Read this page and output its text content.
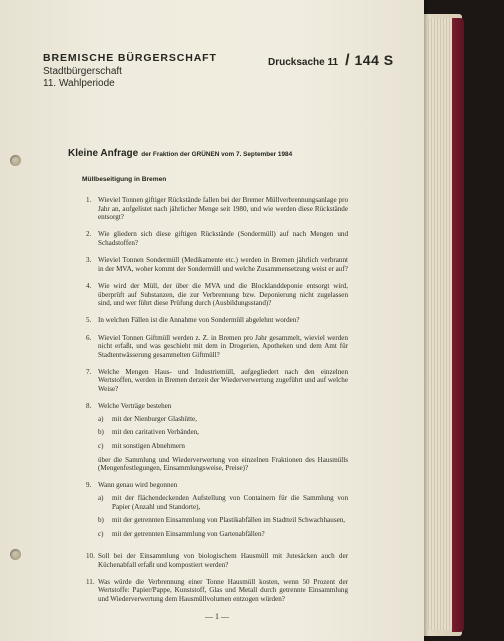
BREMISCHE BÜRGERSCHAFT
Stadtbürgerschaft
11. Wahlperiode
Drucksache 11 / 144 S
Kleine Anfrage der Fraktion der GRÜNEN vom 7. September 1984
Müllbeseitigung in Bremen
1. Wieviel Tonnen giftiger Rückstände fallen bei der Bremer Müllverbrennungsanlage pro Jahr an, aufgelistet nach jährlicher Menge seit 1980, und wie werden diese Rückstände entsorgt?
2. Wie gliedern sich diese giftigen Rückstände (Sondermüll) auf nach Mengen und Schadstoffen?
3. Wieviel Tonnen Sondermüll (Medikamente etc.) werden in Bremen jährlich verbrannt in der MVA, woher kommt der Sondermüll und welche Zusammensetzung weist er auf?
4. Wie wird der Müll, der über die MVA und die Blocklanddeponie entsorgt wird, überprüft auf Substanzen, die zur Verbrennung bzw. Deponierung nicht zugelassen sind, und wer führt diese Prüfung durch (Ausbildungsstand)?
5. In welchen Fällen ist die Annahme von Sondermüll abgelehnt worden?
6. Wieviel Tonnen Giftmüll werden z. Z. in Bremen pro Jahr gesammelt, wieviel werden nicht erfaßt, und was geschieht mit dem in Drogerien, Apotheken und dem Amt für Stadtentwässerung gesammelten Giftmüll?
7. Welche Mengen Haus- und Industriemüll, aufgegliedert nach den einzelnen Wertstoffen, werden in Bremen derzeit der Wiederverwertung zugeführt und auf welche Weise?
8. Welche Verträge bestehen
a)	mit der Nienburger Glashütte,
b)	mit den caritativen Verbänden,
c)	mit sonstigen Abnehmern
über die Sammlung und Wiederverwertung von einzelnen Fraktionen des Hausmülls (Mengenfestlegungen, Einsammlungsweise, Preise)?
9. Wann genau wird begonnen
a)	mit der flächendeckenden Aufstellung von Containern für die Sammlung von Papier (Anzahl und Standorte),
b)	mit der getrennten Einsammlung von Plastikabfällen im Stadtteil Schwachhausen,
c)	mit der getrennten Einsammlung von Gartenabfällen?
10. Soll bei der Einsammlung von biologischem Hausmüll mit Jutesäcken auch der Küchenabfall erfaßt und kompostiert werden?
11. Was würde die Verbrennung einer Tonne Hausmüll kosten, wenn 50 Prozent der Wertstoffe: Papier/Pappe, Kunststoff, Glas und Metall durch getrennte Einsammlung und Wiederverwertung dem Hausmüllvolumen entzogen würden?
— 1 —
